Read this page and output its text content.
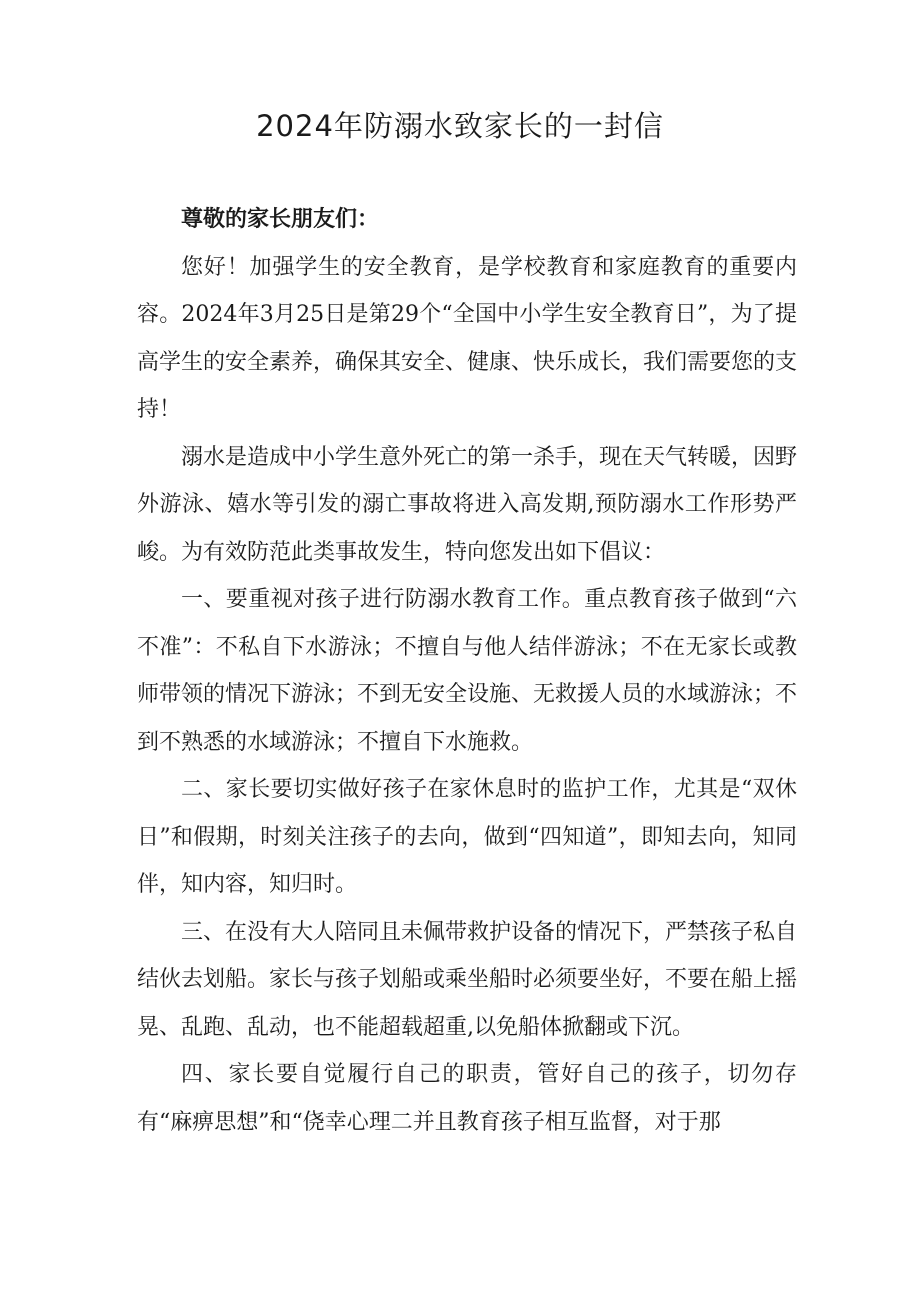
2024年防溺水致家长的一封信
尊敬的家长朋友们：

您好！加强学生的安全教育，是学校教育和家庭教育的重要内容。2024年3月25日是第29个“全国中小学生安全教育日”，为了提高学生的安全素养，确保其安全、健康、快乐成长，我们需要您的支持！

溺水是造成中小学生意外死亡的第一杀手，现在天气转暖，因野外游泳、嬉水等引发的溺亡事故将进入高发期,预防溺水工作形势严峻。为有效防范此类事故发生，特向您发出如下倡议：

一、要重视对孩子进行防溺水教育工作。重点教育孩子做到“六不准”：不私自下水游泳；不擅自与他人结伴游泳；不在无家长或教师带领的情况下游泳；不到无安全设施、无救援人员的水域游泳；不到不熟悉的水域游泳；不擅自下水施救。

二、家长要切实做好孩子在家休息时的监护工作，尤其是“双休日”和假期，时刻关注孩子的去向，做到“四知道”，即知去向，知同伴，知内容，知归时。

三、在没有大人陪同且未佩带救护设备的情况下，严禁孩子私自结伙去划船。家长与孩子划船或乘坐船时必须要坐好，不要在船上摇晃、乱跑、乱动，也不能超载超重,以免船体掀翻或下沉。

四、家长要自觉履行自己的职责，管好自己的孩子，切勿存有“麻痹思想”和“侥幸心理二并且教育孩子相互监督，对于那
